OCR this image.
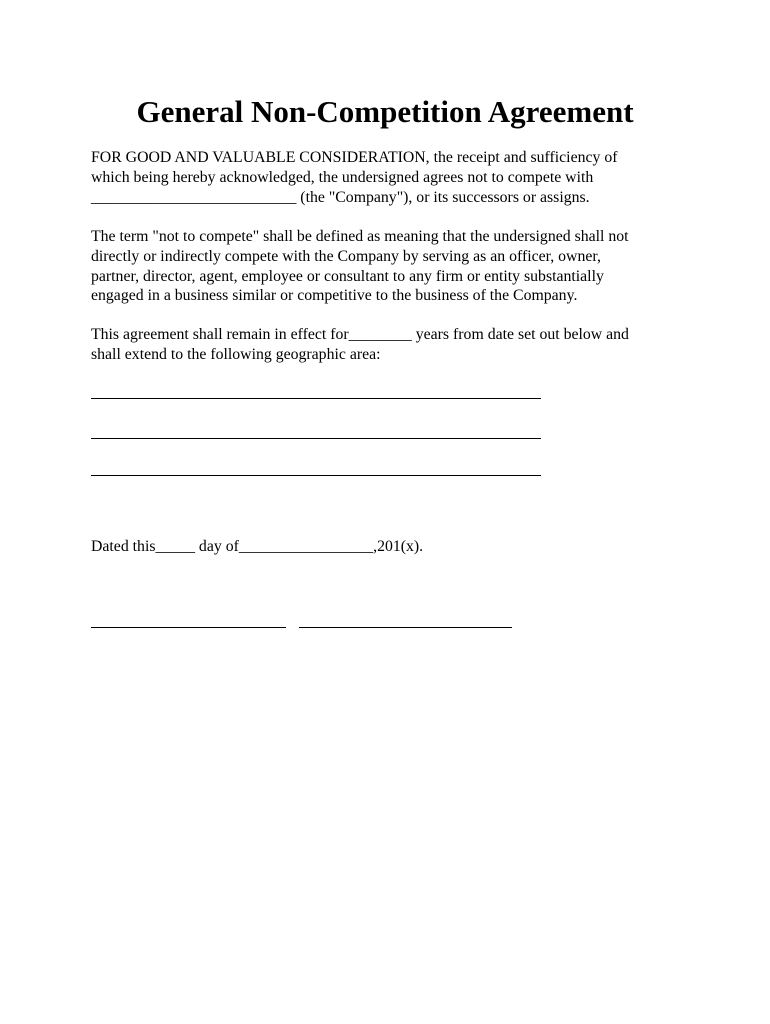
General Non-Competition Agreement

FOR GOOD AND VALUABLE CONSIDERATION, the receipt and sufficiency of
which being hereby acknowledged, the undersigned agrees not to compete with
__________________________ (the "Company"), or its successors or assigns.

The term "not to compete" shall be defined as meaning that the undersigned shall not
directly or indirectly compete with the Company by serving as an officer, owner,
partner, director, agent, employee or consultant to any firm or entity substantially
engaged in a business similar or competitive to the business of the Company.

This agreement shall remain in effect for________ years from date set out below and
shall extend to the following geographic area:

Dated this_____ day of_________________,201(x).
